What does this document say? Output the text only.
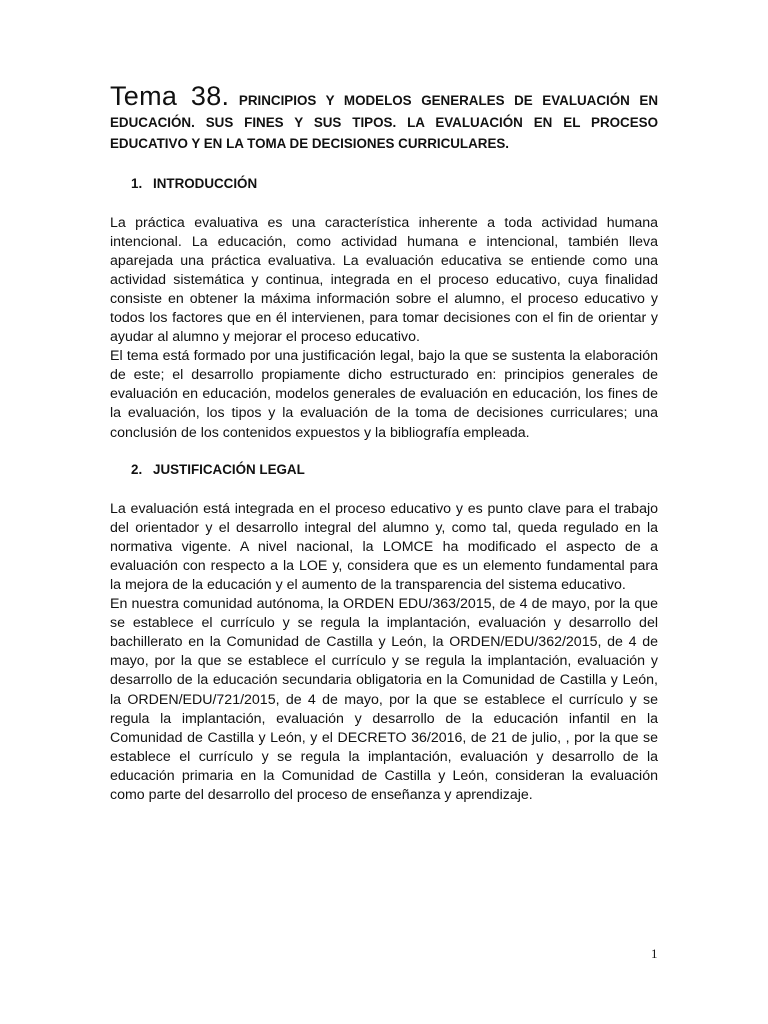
Tema 38. PRINCIPIOS Y MODELOS GENERALES DE EVALUACIÓN EN EDUCACIÓN. SUS FINES Y SUS TIPOS. LA EVALUACIÓN EN EL PROCESO EDUCATIVO Y EN LA TOMA DE DECISIONES CURRICULARES.
1. INTRODUCCIÓN

La práctica evaluativa es una característica inherente a toda actividad humana intencional. La educación, como actividad humana e intencional, también lleva aparejada una práctica evaluativa. La evaluación educativa se entiende como una actividad sistemática y continua, integrada en el proceso educativo, cuya finalidad consiste en obtener la máxima información sobre el alumno, el proceso educativo y todos los factores que en él intervienen, para tomar decisiones con el fin de orientar y ayudar al alumno y mejorar el proceso educativo.

El tema está formado por una justificación legal, bajo la que se sustenta la elaboración de este; el desarrollo propiamente dicho estructurado en: principios generales de evaluación en educación, modelos generales de evaluación en educación, los fines de la evaluación, los tipos y la evaluación de la toma de decisiones curriculares; una conclusión de los contenidos expuestos y la bibliografía empleada.

2. JUSTIFICACIÓN LEGAL

La evaluación está integrada en el proceso educativo y es punto clave para el trabajo del orientador y el desarrollo integral del alumno y, como tal, queda regulado en la normativa vigente. A nivel nacional, la LOMCE ha modificado el aspecto de a evaluación con respecto a la LOE y, considera que es un elemento fundamental para la mejora de la educación y el aumento de la transparencia del sistema educativo.

En nuestra comunidad autónoma, la ORDEN EDU/363/2015, de 4 de mayo, por la que se establece el currículo y se regula la implantación, evaluación y desarrollo del bachillerato en la Comunidad de Castilla y León, la ORDEN/EDU/362/2015, de 4 de mayo, por la que se establece el currículo y se regula la implantación, evaluación y desarrollo de la educación secundaria obligatoria en la Comunidad de Castilla y León, la ORDEN/EDU/721/2015, de 4 de mayo, por la que se establece el currículo y se regula la implantación, evaluación y desarrollo de la educación infantil en la Comunidad de Castilla y León, y el DECRETO 36/2016, de 21 de julio, , por la que se establece el currículo y se regula la implantación, evaluación y desarrollo de la educación primaria en la Comunidad de Castilla y León, consideran la evaluación como parte del desarrollo del proceso de enseñanza y aprendizaje.

1
